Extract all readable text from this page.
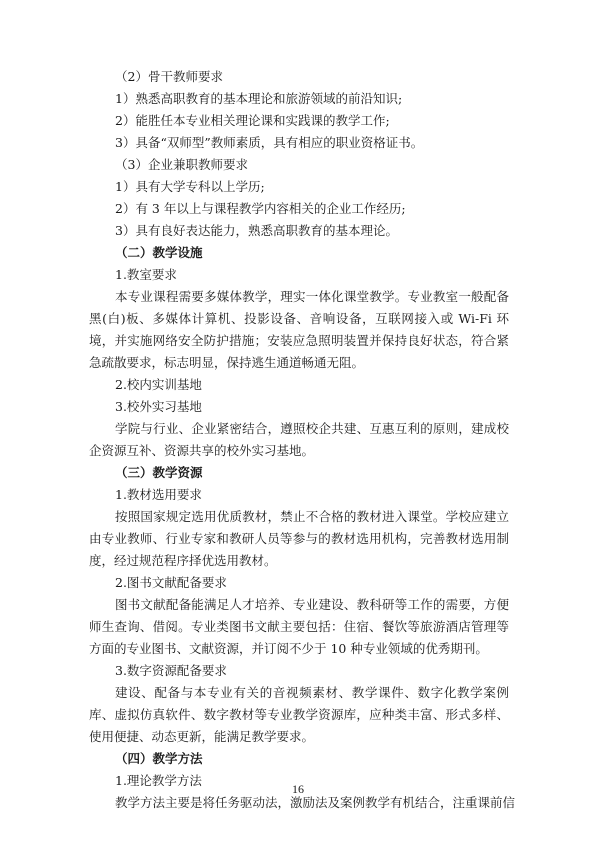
（2）骨干教师要求
1）熟悉高职教育的基本理论和旅游领域的前沿知识;
2）能胜任本专业相关理论课和实践课的教学工作;
3）具备“双师型”教师素质，具有相应的职业资格证书。
（3）企业兼职教师要求
1）具有大学专科以上学历;
2）有 3 年以上与课程教学内容相关的企业工作经历;
3）具有良好表达能力，熟悉高职教育的基本理论。
（二）教学设施
1.教室要求
本专业课程需要多媒体教学，理实一体化课堂教学。专业教室一般配备黑(白)板、多媒体计算机、投影设备、音响设备，互联网接入或 Wi-Fi 环境，并实施网络安全防护措施；安装应急照明装置并保持良好状态，符合紧急疏散要求，标志明显，保持逃生通道畅通无阻。
2.校内实训基地
3.校外实习基地
学院与行业、企业紧密结合，遵照校企共建、互惠互利的原则，建成校企资源互补、资源共享的校外实习基地。
（三）教学资源
1.教材选用要求
按照国家规定选用优质教材，禁止不合格的教材进入课堂。学校应建立由专业教师、行业专家和教研人员等参与的教材选用机构，完善教材选用制度，经过规范程序择优选用教材。
2.图书文献配备要求
图书文献配备能满足人才培养、专业建设、教科研等工作的需要，方便师生查询、借阅。专业类图书文献主要包括：住宿、餐饮等旅游酒店管理等方面的专业图书、文献资源，并订阅不少于 10 种专业领域的优秀期刊。
3.数字资源配备要求
建设、配备与本专业有关的音视频素材、教学课件、数字化教学案例库、虚拟仿真软件、数字教材等专业教学资源库，应种类丰富、形式多样、使用便捷、动态更新，能满足教学要求。
（四）教学方法
1.理论教学方法
教学方法主要是将任务驱动法，激励法及案例教学有机结合，注重课前信
16
